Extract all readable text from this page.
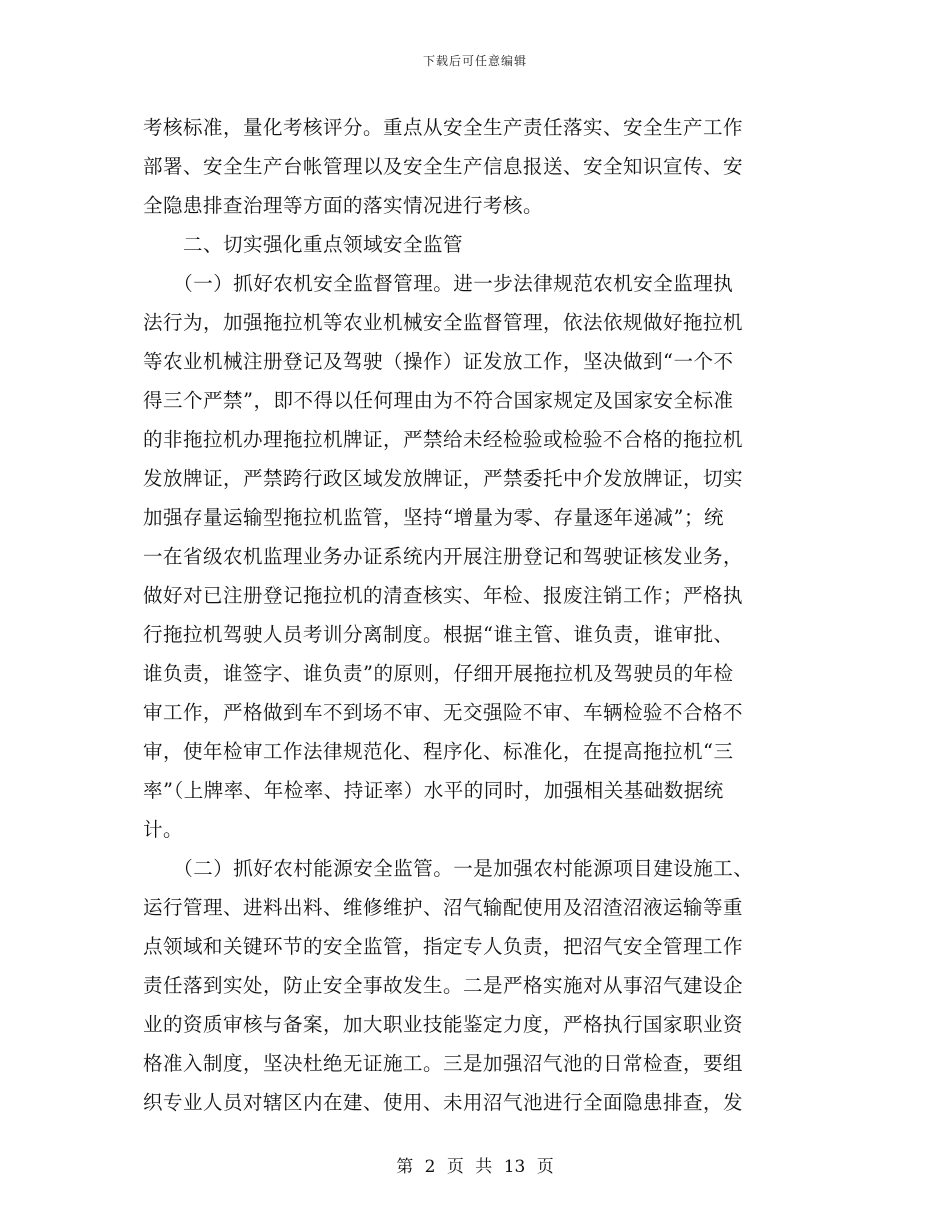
下载后可任意编辑
考核标准，量化考核评分。重点从安全生产责任落实、安全生产工作
部署、安全生产台帐管理以及安全生产信息报送、安全知识宣传、安
全隐患排查治理等方面的落实情况进行考核。
　　二、切实强化重点领域安全监管
　　（一）抓好农机安全监督管理。进一步法律规范农机安全监理执
法行为，加强拖拉机等农业机械安全监督管理，依法依规做好拖拉机
等农业机械注册登记及驾驶（操作）证发放工作，坚决做到“一个不
得三个严禁”，即不得以任何理由为不符合国家规定及国家安全标准
的非拖拉机办理拖拉机牌证，严禁给未经检验或检验不合格的拖拉机
发放牌证，严禁跨行政区域发放牌证，严禁委托中介发放牌证，切实
加强存量运输型拖拉机监管，坚持“增量为零、存量逐年递减”；统
一在省级农机监理业务办证系统内开展注册登记和驾驶证核发业务，
做好对已注册登记拖拉机的清查核实、年检、报废注销工作；严格执
行拖拉机驾驶人员考训分离制度。根据“谁主管、谁负责，谁审批、
谁负责，谁签字、谁负责”的原则，仔细开展拖拉机及驾驶员的年检
审工作，严格做到车不到场不审、无交强险不审、车辆检验不合格不
审，使年检审工作法律规范化、程序化、标准化，在提高拖拉机“三
率”（上牌率、年检率、持证率）水平的同时，加强相关基础数据统
计。
　　（二）抓好农村能源安全监管。一是加强农村能源项目建设施工、
运行管理、进料出料、维修维护、沼气输配使用及沼渣沼液运输等重
点领域和关键环节的安全监管，指定专人负责，把沼气安全管理工作
责任落到实处，防止安全事故发生。二是严格实施对从事沼气建设企
业的资质审核与备案，加大职业技能鉴定力度，严格执行国家职业资
格准入制度，坚决杜绝无证施工。三是加强沼气池的日常检查，要组
织专业人员对辖区内在建、使用、未用沼气池进行全面隐患排查，发
第 2 页 共 13 页
